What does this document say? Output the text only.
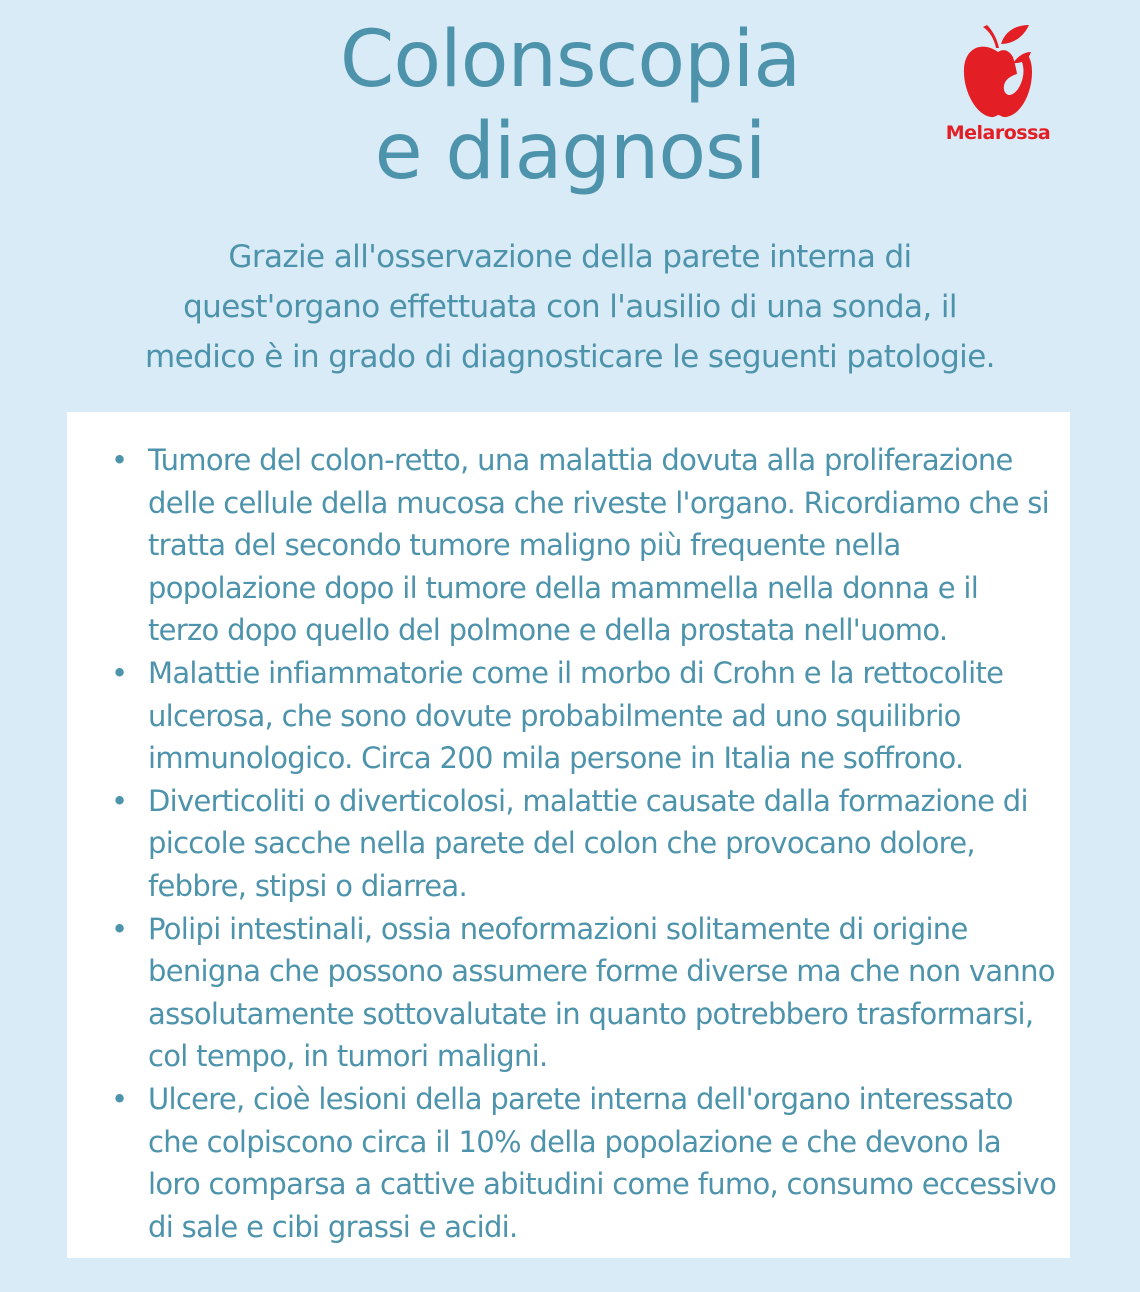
Colonscopia
e diagnosi	Melarossa
Grazie all'osservazione della parete interna di
quest'organo effettuata con l'ausilio di una sonda, il
medico è in grado di diagnosticare le seguenti patologie.
• Tumore del colon-retto, una malattia dovuta alla proliferazione
delle cellule della mucosa che riveste l'organo. Ricordiamo che si
tratta del secondo tumore maligno più frequente nella
popolazione dopo il tumore della mammella nella donna e il
terzo dopo quello del polmone e della prostata nell'uomo.
• Malattie infiammatorie come il morbo di Crohn e la rettocolite
ulcerosa, che sono dovute probabilmente ad uno squilibrio
immunologico. Circa 200 mila persone in Italia ne soffrono.
• Diverticoliti o diverticolosi, malattie causate dalla formazione di
piccole sacche nella parete del colon che provocano dolore,
febbre, stipsi o diarrea.
• Polipi intestinali, ossia neoformazioni solitamente di origine
benigna che possono assumere forme diverse ma che non vanno
assolutamente sottovalutate in quanto potrebbero trasformarsi,
col tempo, in tumori maligni.
• Ulcere, cioè lesioni della parete interna dell'organo interessato
che colpiscono circa il 10% della popolazione e che devono la
loro comparsa a cattive abitudini come fumo, consumo eccessivo
di sale e cibi grassi e acidi.
